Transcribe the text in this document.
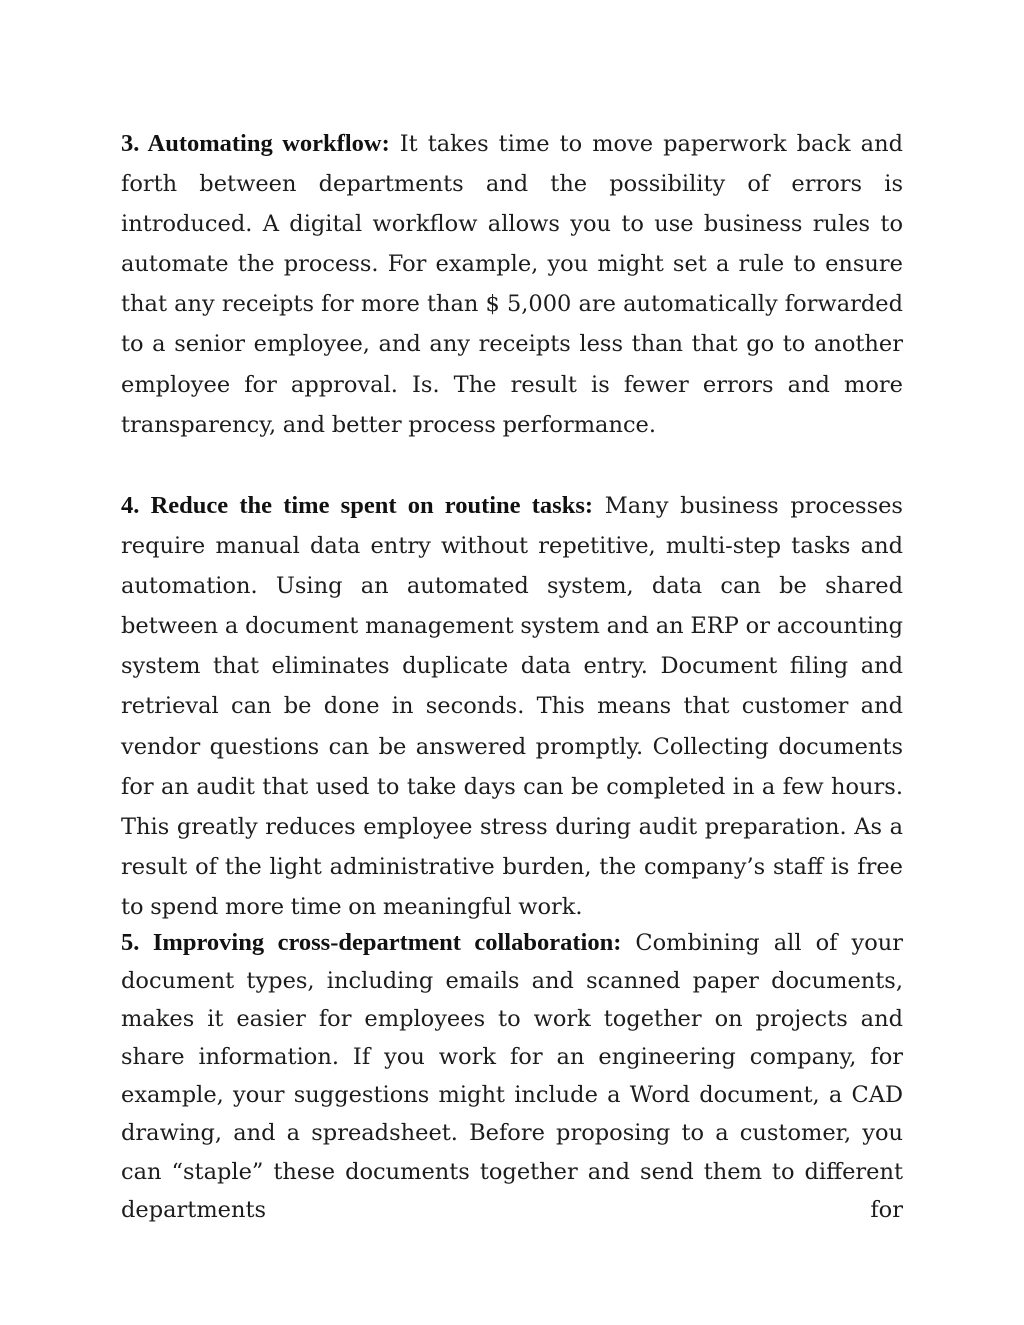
3. Automating workflow: It takes time to move paperwork back and forth between departments and the possibility of errors is introduced. A digital workflow allows you to use business rules to automate the process. For example, you might set a rule to ensure that any receipts for more than $ 5,000 are automatically forwarded to a senior employee, and any receipts less than that go to another employee for approval. Is. The result is fewer errors and more transparency, and better process performance.

4. Reduce the time spent on routine tasks: Many business processes require manual data entry without repetitive, multi-step tasks and automation. Using an automated system, data can be shared between a document management system and an ERP or accounting system that eliminates duplicate data entry. Document filing and retrieval can be done in seconds. This means that customer and vendor questions can be answered promptly. Collecting documents for an audit that used to take days can be completed in a few hours. This greatly reduces employee stress during audit preparation. As a result of the light administrative burden, the company’s staff is free to spend more time on meaningful work.

5. Improving cross-department collaboration: Combining all of your document types, including emails and scanned paper documents, makes it easier for employees to work together on projects and share information. If you work for an engineering company, for example, your suggestions might include a Word document, a CAD drawing, and a spreadsheet. Before proposing to a customer, you can “staple” these documents together and send them to different departments for
